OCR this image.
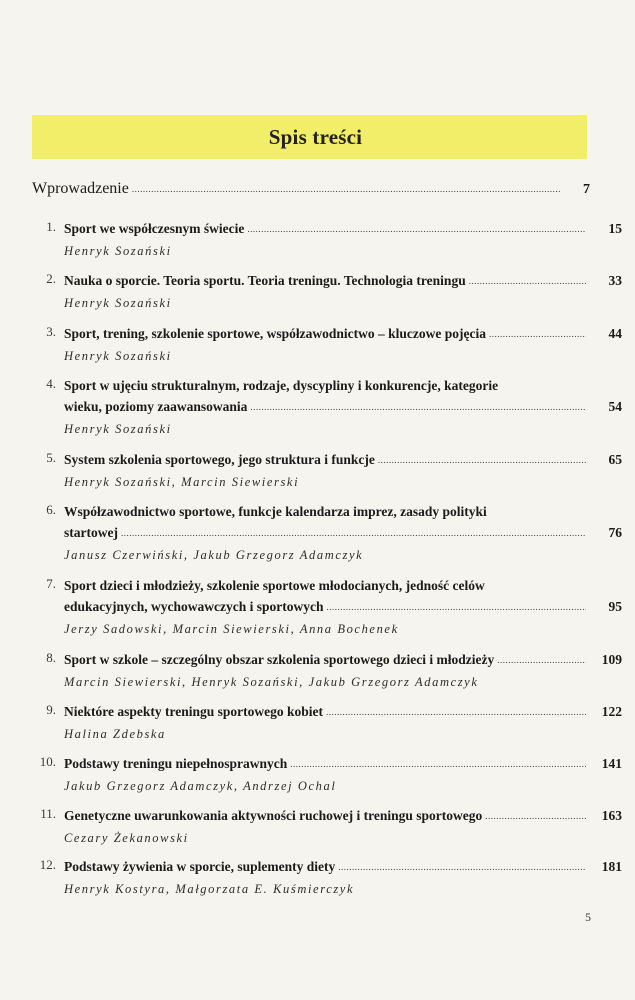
Spis treści
Wprowadzenie .....	7
1. Sport we współczesnym świecie .....	15
Henryk Sozański
2. Nauka o sporcie. Teoria sportu. Teoria treningu. Technologia treningu .....	33
Henryk Sozański
3. Sport, trening, szkolenie sportowe, współzawodnictwo – kluczowe pojęcia .....	44
Henryk Sozański
4. Sport w ujęciu strukturalnym, rodzaje, dyscypliny i konkurencje, kategorie
wieku, poziomy zaawansowania .....	54
Henryk Sozański
5. System szkolenia sportowego, jego struktura i funkcje .....	65
Henryk Sozański, Marcin Siewierski
6. Współzawodnictwo sportowe, funkcje kalendarza imprez, zasady polityki
startowej .....	76
Janusz Czerwiński, Jakub Grzegorz Adamczyk
7. Sport dzieci i młodzieży, szkolenie sportowe młodocianych, jedność celów
edukacyjnych, wychowawczych i sportowych .....	95
Jerzy Sadowski, Marcin Siewierski, Anna Bochenek
8. Sport w szkole – szczególny obszar szkolenia sportowego dzieci i młodzieży .....	109
Marcin Siewierski, Henryk Sozański, Jakub Grzegorz Adamczyk
9. Niektóre aspekty treningu sportowego kobiet .....	122
Halina Zdebska
10. Podstawy treningu niepełnosprawnych .....	141
Jakub Grzegorz Adamczyk, Andrzej Ochal
11. Genetyczne uwarunkowania aktywności ruchowej i treningu sportowego .....	163
Cezary Żekanowski
12. Podstawy żywienia w sporcie, suplementy diety .....	181
Henryk Kostyra, Małgorzata E. Kuśmierczyk
5
